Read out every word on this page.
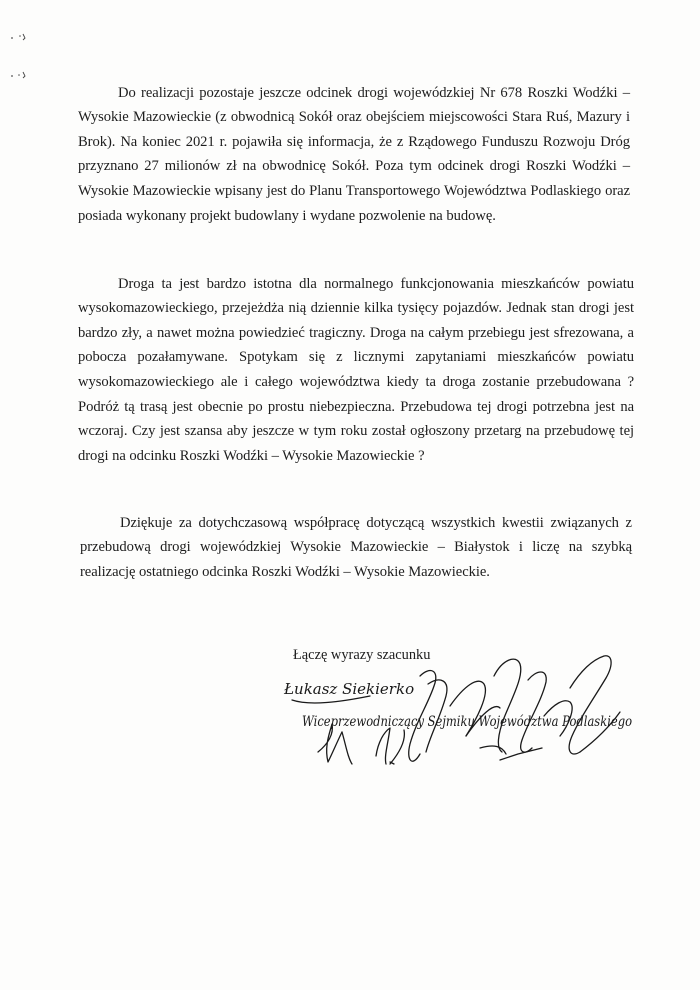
Do realizacji pozostaje jeszcze odcinek drogi wojewódzkiej Nr 678 Roszki Wodźki – Wysokie Mazowieckie (z obwodnicą Sokół oraz obejściem miejscowości Stara Ruś, Mazury i Brok). Na koniec 2021 r. pojawiła się informacja, że z Rządowego Funduszu Rozwoju Dróg przyznano 27 milionów zł na obwodnicę Sokół. Poza tym odcinek drogi Roszki Wodźki – Wysokie Mazowieckie wpisany jest do Planu Transportowego Województwa Podlaskiego oraz posiada wykonany projekt budowlany i wydane pozwolenie na budowę.

Droga ta jest bardzo istotna dla normalnego funkcjonowania mieszkańców powiatu wysokomazowieckiego, przejeżdża nią dziennie kilka tysięcy pojazdów. Jednak stan drogi jest bardzo zły, a nawet można powiedzieć tragiczny. Droga na całym przebiegu jest sfrezowana, a pobocza pozałamywane. Spotykam się z licznymi zapytaniami mieszkańców powiatu wysokomazowieckiego ale i całego województwa kiedy ta droga zostanie przebudowana ? Podróż tą trasą jest obecnie po prostu niebezpieczna. Przebudowa tej drogi potrzebna jest na wczoraj. Czy jest szansa aby jeszcze w tym roku został ogłoszony przetarg na przebudowę tej drogi na odcinku Roszki Wodźki – Wysokie Mazowieckie ?

Dziękuje za dotychczasową współpracę dotyczącą wszystkich kwestii związanych z przebudową drogi wojewódzkiej Wysokie Mazowieckie – Białystok i liczę na szybką realizację ostatniego odcinka Roszki Wodźki – Wysokie Mazowieckie.

Łączę wyrazy szacunku
Łukasz Siekierko
Wiceprzewodniczący Sejmiku Województwa Podlaskiego
